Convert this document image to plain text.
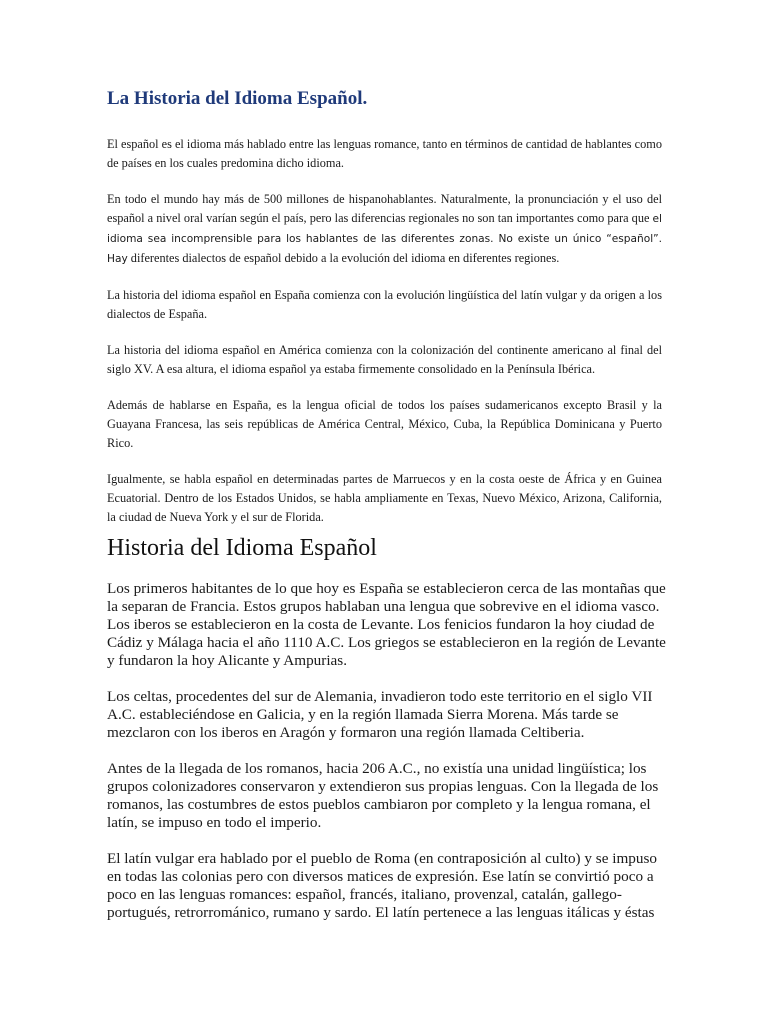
La Historia del Idioma Español.

El español es el idioma más hablado entre las lenguas romance, tanto en términos de cantidad de hablantes como de países en los cuales predomina dicho idioma.

En todo el mundo hay más de 500 millones de hispanohablantes. Naturalmente, la pronunciación y el uso del español a nivel oral varían según el país, pero las diferencias regionales no son tan importantes como para que el idioma sea incomprensible para los hablantes de las diferentes zonas. No existe un único “español”. Hay diferentes dialectos de español debido a la evolución del idioma en diferentes regiones.

La historia del idioma español en España comienza con la evolución lingüística del latín vulgar y da origen a los dialectos de España.

La historia del idioma español en América comienza con la colonización del continente americano al final del siglo XV. A esa altura, el idioma español ya estaba firmemente consolidado en la Península Ibérica.

Además de hablarse en España, es la lengua oficial de todos los países sudamericanos excepto Brasil y la Guayana Francesa, las seis repúblicas de América Central, México, Cuba, la República Dominicana y Puerto Rico.

Igualmente, se habla español en determinadas partes de Marruecos y en la costa oeste de África y en Guinea Ecuatorial. Dentro de los Estados Unidos, se habla ampliamente en Texas, Nuevo México, Arizona, California, la ciudad de Nueva York y el sur de Florida.

Historia del Idioma Español

Los primeros habitantes de lo que hoy es España se establecieron cerca de las montañas que la separan de Francia. Estos grupos hablaban una lengua que sobrevive en el idioma vasco. Los iberos se establecieron en la costa de Levante. Los fenicios fundaron la hoy ciudad de Cádiz y Málaga hacia el año 1110 A.C. Los griegos se establecieron en la región de Levante y fundaron la hoy Alicante y Ampurias.

Los celtas, procedentes del sur de Alemania, invadieron todo este territorio en el siglo VII A.C. estableciéndose en Galicia, y en la región llamada Sierra Morena. Más tarde se mezclaron con los iberos en Aragón y formaron una región llamada Celtiberia.

Antes de la llegada de los romanos, hacia 206 A.C., no existía una unidad lingüística; los grupos colonizadores conservaron y extendieron sus propias lenguas. Con la llegada de los romanos, las costumbres de estos pueblos cambiaron por completo y la lengua romana, el latín, se impuso en todo el imperio.

El latín vulgar era hablado por el pueblo de Roma (en contraposición al culto) y se impuso en todas las colonias pero con diversos matices de expresión. Ese latín se convirtió poco a poco en las lenguas romances: español, francés, italiano, provenzal, catalán, gallego-portugués, retrorrománico, rumano y sardo. El latín pertenece a las lenguas itálicas y éstas
